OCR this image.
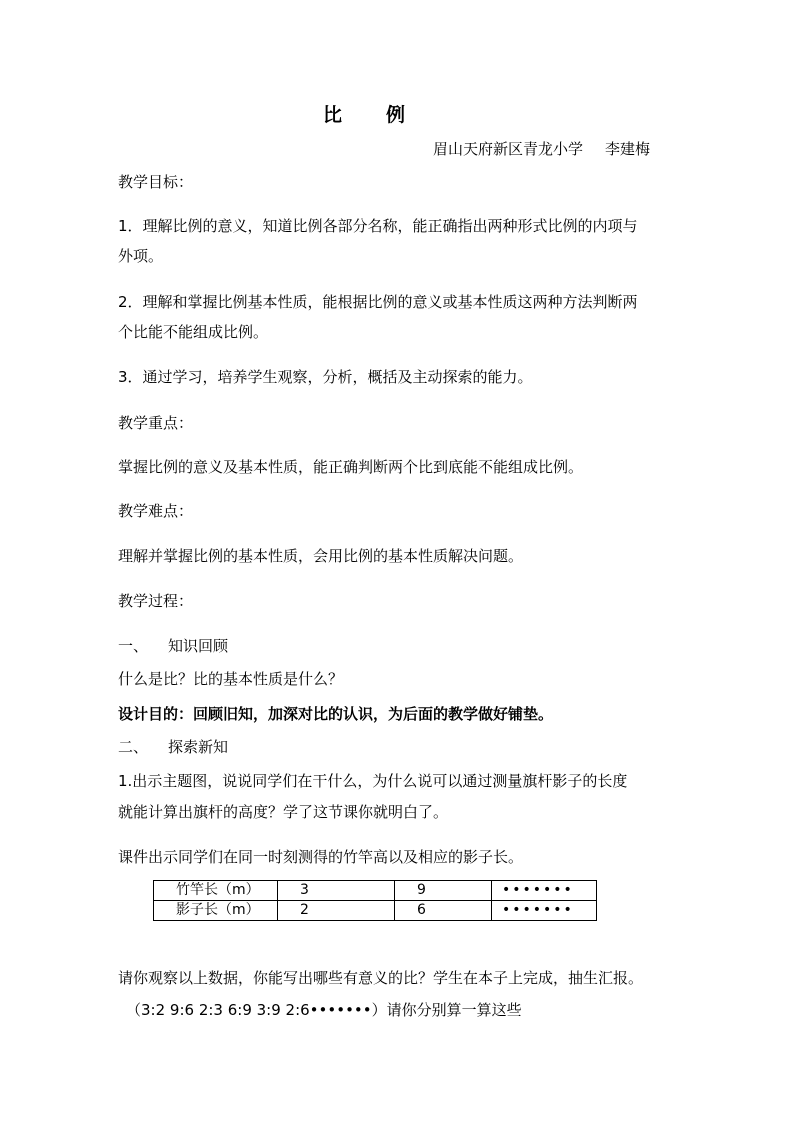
比 例
眉山天府新区青龙小学 李建梅
教学目标：
1．理解比例的意义，知道比例各部分名称，能正确指出两种形式比例的内项与
外项。
2．理解和掌握比例基本性质，能根据比例的意义或基本性质这两种方法判断两
个比能不能组成比例。
3．通过学习，培养学生观察，分析，概括及主动探索的能力。
教学重点：
掌握比例的意义及基本性质，能正确判断两个比到底能不能组成比例。
教学难点：
理解并掌握比例的基本性质，会用比例的基本性质解决问题。
教学过程：
一、 知识回顾
什么是比？比的基本性质是什么？
设计目的：回顾旧知，加深对比的认识，为后面的教学做好铺垫。
二、 探索新知
1.出示主题图，说说同学们在干什么，为什么说可以通过测量旗杆影子的长度
就能计算出旗杆的高度？学了这节课你就明白了。
课件出示同学们在同一时刻测得的竹竿高以及相应的影子长。
竹竿长（m）	3	9	•••••••
影子长（m）	2	6	•••••••
请你观察以上数据，你能写出哪些有意义的比？学生在本子上完成，抽生汇报。
（3:2 9:6 2:3 6:9 3:9 2:6•••••••）请你分别算一算这些
